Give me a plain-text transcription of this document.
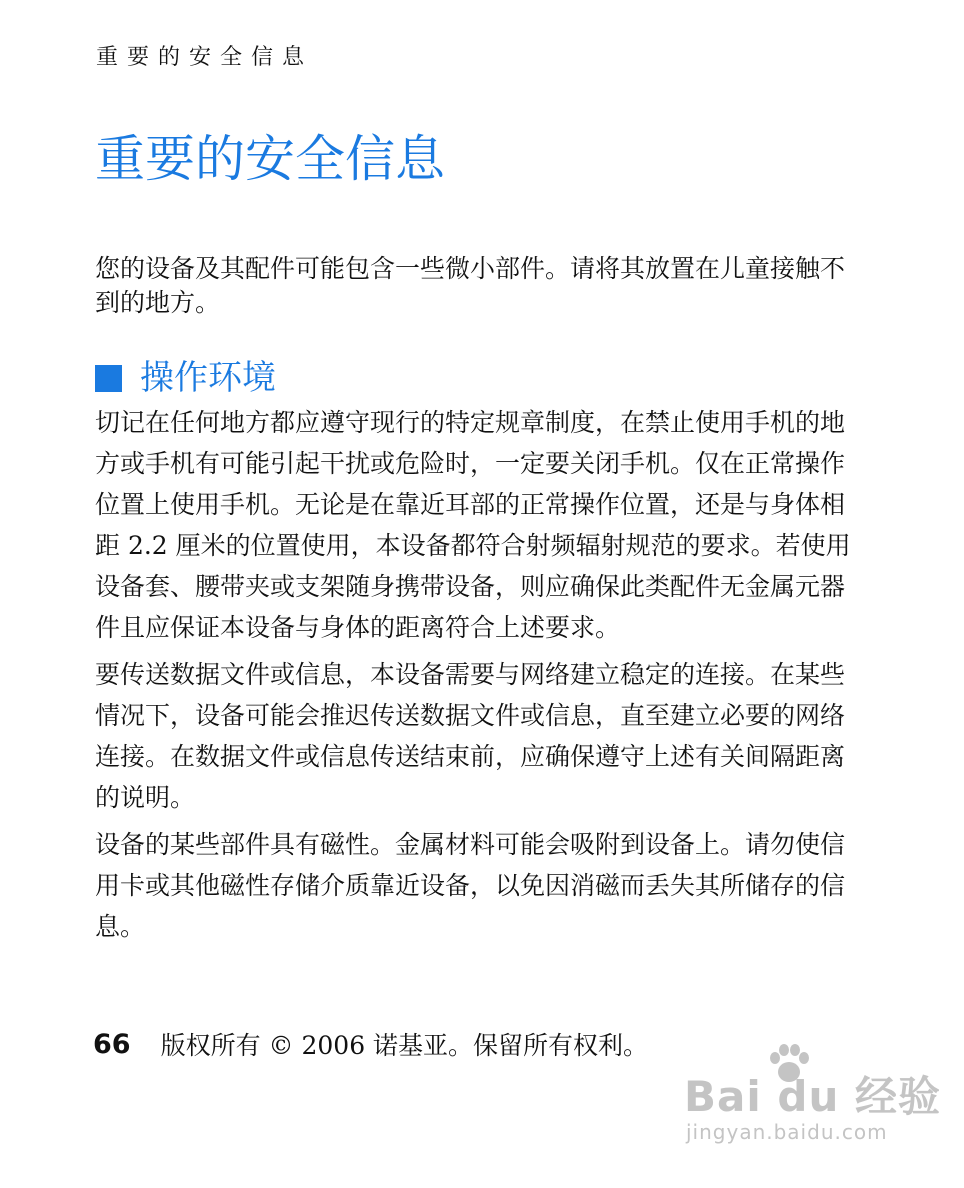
重要的安全信息
重要的安全信息

您的设备及其配件可能包含一些微小部件。请将其放置在儿童接触不到的地方。

操作环境

切记在任何地方都应遵守现行的特定规章制度，在禁止使用手机的地方或手机有可能引起干扰或危险时，一定要关闭手机。仅在正常操作位置上使用手机。无论是在靠近耳部的正常操作位置，还是与身体相距 2.2 厘米的位置使用，本设备都符合射频辐射规范的要求。若使用设备套、腰带夹或支架随身携带设备，则应确保此类配件无金属元器件且应保证本设备与身体的距离符合上述要求。

要传送数据文件或信息，本设备需要与网络建立稳定的连接。在某些情况下，设备可能会推迟传送数据文件或信息，直至建立必要的网络连接。在数据文件或信息传送结束前，应确保遵守上述有关间隔距离的说明。

设备的某些部件具有磁性。金属材料可能会吸附到设备上。请勿使信用卡或其他磁性存储介质靠近设备，以免因消磁而丢失其所储存的信息。

66 版权所有 © 2006 诺基亚。保留所有权利。
Bai du 经验
jingyan.baidu.com
